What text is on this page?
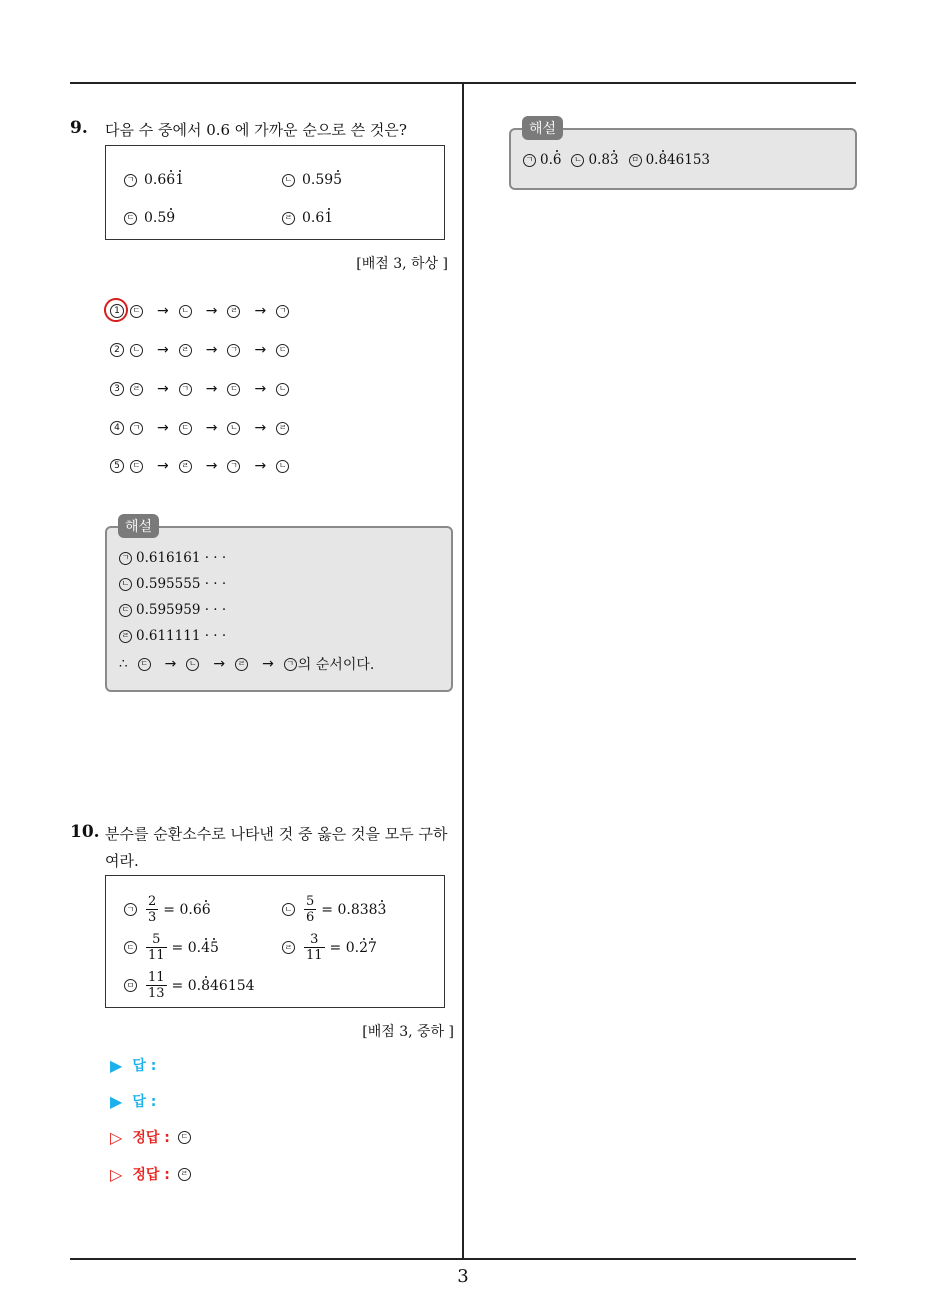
9. 다음 수 중에서 0.6 에 가까운 순으로 쓴 것은?
ㄱ 0.6 6 1	ㄴ 0.59 5
ㄷ 0.5 9	ㄹ 0.6 1
[배점 3, 하상 ]
1	ㄷ →	ㄴ →	ㄹ →	ㄱ
2	ㄴ →	ㄹ →	ㄱ →	ㄷ
3	ㄹ →	ㄱ →	ㄷ →	ㄴ
4	ㄱ →	ㄷ →	ㄴ →	ㄹ
5	ㄷ →	ㄹ →	ㄱ →	ㄴ
ㄱ 0.616161 · · ·
ㄴ 0.595555 · · ·
ㄷ 0.595959 · · ·
ㄹ 0.611111 · · ·
∴	ㄷ →	ㄴ →	ㄹ →	ㄱ 의 순서이다.
해설
10. 분수를 순환소수로 나타낸 것 중 옳은 것을 모두 구하
여라.
ㄱ $\frac{2}{3} = 0.6$ 6	ㄴ $\frac{5}{6} = 0.838$ 3
ㄷ $\frac{5}{11} = 0$. 4 5	ㄹ $\frac{3}{11} = 0$. 2 7
ㅁ $\frac{11}{13} = 0$. 8 46154
[배점 3, 중하 ]
▶ 답 :
▶ 답 :
▷ 정답 :	ㄷ
▷ 정답 :	ㄹ
ㄱ 0. 6	ㄴ 0.8 3	ㅁ 0. 8 46153
해설
3
